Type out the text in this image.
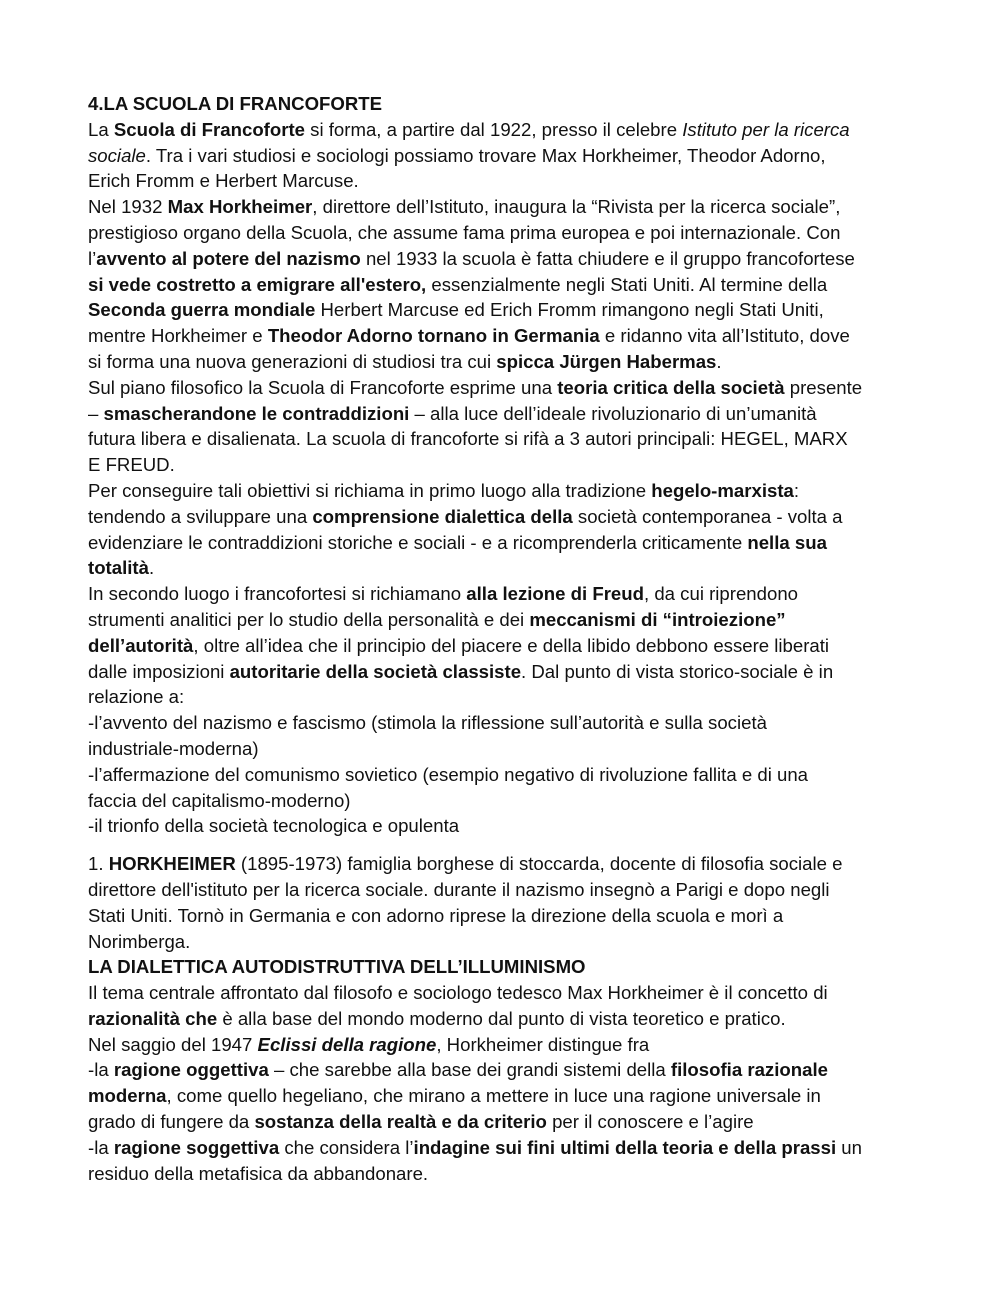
4.LA SCUOLA DI FRANCOFORTE
La Scuola di Francoforte si forma, a partire dal 1922, presso il celebre Istituto per la ricerca
sociale. Tra i vari studiosi e sociologi possiamo trovare Max Horkheimer, Theodor Adorno,
Erich Fromm e Herbert Marcuse.
Nel 1932 Max Horkheimer, direttore dell’Istituto, inaugura la “Rivista per la ricerca sociale”,
prestigioso organo della Scuola, che assume fama prima europea e poi internazionale. Con
l’avvento al potere del nazismo nel 1933 la scuola è fatta chiudere e il gruppo francofortese
si vede costretto a emigrare all'estero, essenzialmente negli Stati Uniti. Al termine della
Seconda guerra mondiale Herbert Marcuse ed Erich Fromm rimangono negli Stati Uniti,
mentre Horkheimer e Theodor Adorno tornano in Germania e ridanno vita all’Istituto, dove
si forma una nuova generazioni di studiosi tra cui spicca Jürgen Habermas.
Sul piano filosofico la Scuola di Francoforte esprime una teoria critica della società presente
– smascherandone le contraddizioni – alla luce dell’ideale rivoluzionario di un’umanità
futura libera e disalienata. La scuola di francoforte si rifà a 3 autori principali: HEGEL, MARX
E FREUD.
Per conseguire tali obiettivi si richiama in primo luogo alla tradizione hegelo-marxista:
tendendo a sviluppare una comprensione dialettica della società contemporanea - volta a
evidenziare le contraddizioni storiche e sociali - e a ricomprenderla criticamente nella sua
totalità.
In secondo luogo i francofortesi si richiamano alla lezione di Freud, da cui riprendono
strumenti analitici per lo studio della personalità e dei meccanismi di “introiezione”
dell’autorità, oltre all’idea che il principio del piacere e della libido debbono essere liberati
dalle imposizioni autoritarie della società classiste. Dal punto di vista storico-sociale è in
relazione a:
-l’avvento del nazismo e fascismo (stimola la riflessione sull’autorità e sulla società
industriale-moderna)
-l’affermazione del comunismo sovietico (esempio negativo di rivoluzione fallita e di una
faccia del capitalismo-moderno)
-il trionfo della società tecnologica e opulenta
1. HORKHEIMER (1895-1973) famiglia borghese di stoccarda, docente di filosofia sociale e
direttore dell'istituto per la ricerca sociale. durante il nazismo insegnò a Parigi e dopo negli
Stati Uniti. Tornò in Germania e con adorno riprese la direzione della scuola e morì a
Norimberga.
LA DIALETTICA AUTODISTRUTTIVA DELL’ILLUMINISMO
Il tema centrale affrontato dal filosofo e sociologo tedesco Max Horkheimer è il concetto di
razionalità che è alla base del mondo moderno dal punto di vista teoretico e pratico.
Nel saggio del 1947 Eclissi della ragione, Horkheimer distingue fra
-la ragione oggettiva – che sarebbe alla base dei grandi sistemi della filosofia razionale
moderna, come quello hegeliano, che mirano a mettere in luce una ragione universale in
grado di fungere da sostanza della realtà e da criterio per il conoscere e l’agire
-la ragione soggettiva che considera l’indagine sui fini ultimi della teoria e della prassi un
residuo della metafisica da abbandonare.
